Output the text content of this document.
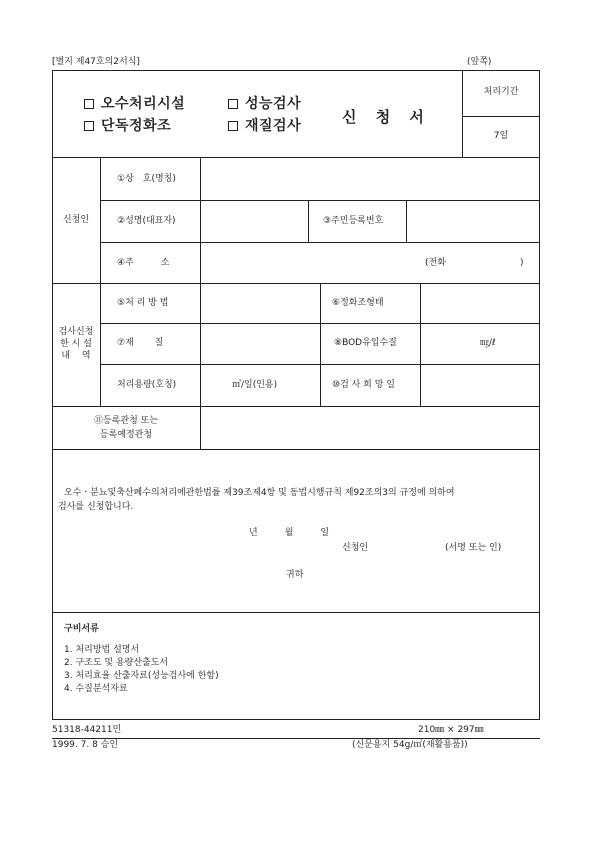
[별지 제47호의2서식]	(앞쪽)
오수처리시설	성능검사
단독정화조	재질검사	신 청 서
처리기간
7일
신청인
①상　호(명칭)
②성명(대표자)	③주민등록번호
④주　　　소	(전화	)
검사신청
한 시 설
내　 역
⑤처 리 방 법	⑥정화조형태
⑦재　　 질	⑧BOD유입수질	㎎/ℓ
처리용량(호칭)	㎥/일(인용)	⑩검 사 희 망 일
⑪등록관청 또는
등록예정관청
오수ㆍ분뇨및축산폐수의처리에관한법률 제39조제4항 및 동법시행규칙 제92조의3의 규정에 의하여
검사를 신청합니다.
년　　　월　　　일
신청인	(서명 또는 인)
귀하
구비서류
1. 처리방법 설명서
2. 구조도 및 용량산출도서
3. 처리효율 산출자료(성능검사에 한함)
4. 수질분석자료
51318-44211민	210㎜ × 297㎜
1999. 7. 8 승인	(신문용지 54g/㎡(재활용품))
